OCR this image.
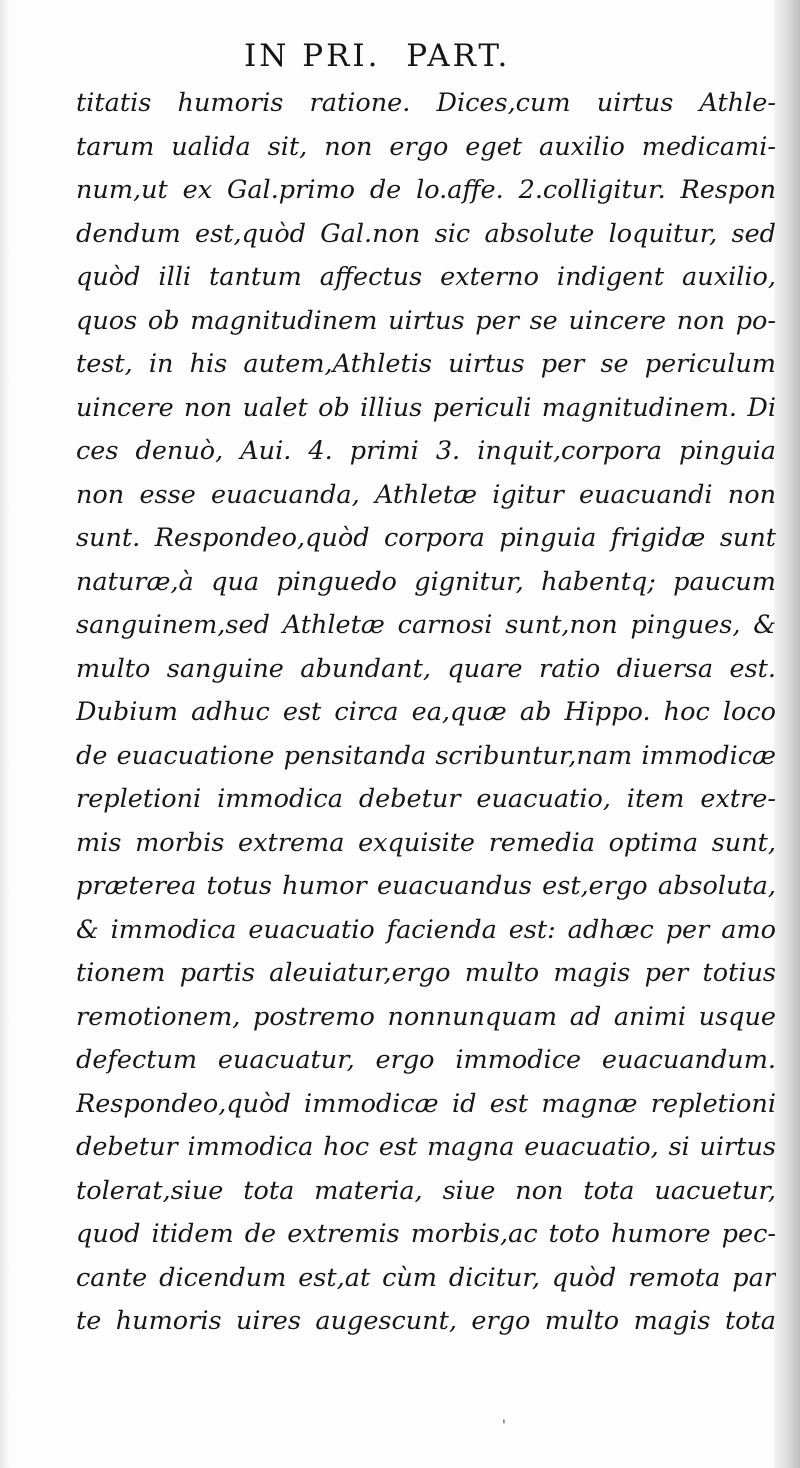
IN PRI.  PART.
titatis humoris ratione. Dices,cum uirtus Athle-
tarum ualida sit, non ergo eget auxilio medicami-
num,ut ex Gal.primo de lo.affe. 2.colligitur. Respon
dendum est,quòd Gal.non sic absolute loquitur, sed
quòd illi tantum affectus externo indigent auxilio,
quos ob magnitudinem uirtus per se uincere non po-
test, in his autem,Athletis uirtus per se periculum
uincere non ualet ob illius periculi magnitudinem. Di
ces denuò, Aui. 4. primi 3. inquit,corpora pinguia
non esse euacuanda, Athletæ igitur euacuandi non
sunt. Respondeo,quòd corpora pinguia frigidæ sunt
naturæ,à qua pinguedo gignitur, habentq; paucum
sanguinem,sed Athletæ carnosi sunt,non pingues, &
multo sanguine abundant, quare ratio diuersa est.
Dubium adhuc est circa ea,quæ ab Hippo. hoc loco
de euacuatione pensitanda scribuntur,nam immodicæ
repletioni immodica debetur euacuatio, item extre-
mis morbis extrema exquisite remedia optima sunt,
præterea totus humor euacuandus est,ergo absoluta,
& immodica euacuatio facienda est: adhæc per amo
tionem partis aleuiatur,ergo multo magis per totius
remotionem, postremo nonnunquam ad animi usque
defectum euacuatur, ergo immodice euacuandum.
Respondeo,quòd immodicæ id est magnæ repletioni
debetur immodica hoc est magna euacuatio, si uirtus
tolerat,siue tota materia, siue non tota uacuetur,
quod itidem de extremis morbis,ac toto humore pec-
cante dicendum est,at cùm dicitur, quòd remota par
te humoris uires augescunt, ergo multo magis tota
'
